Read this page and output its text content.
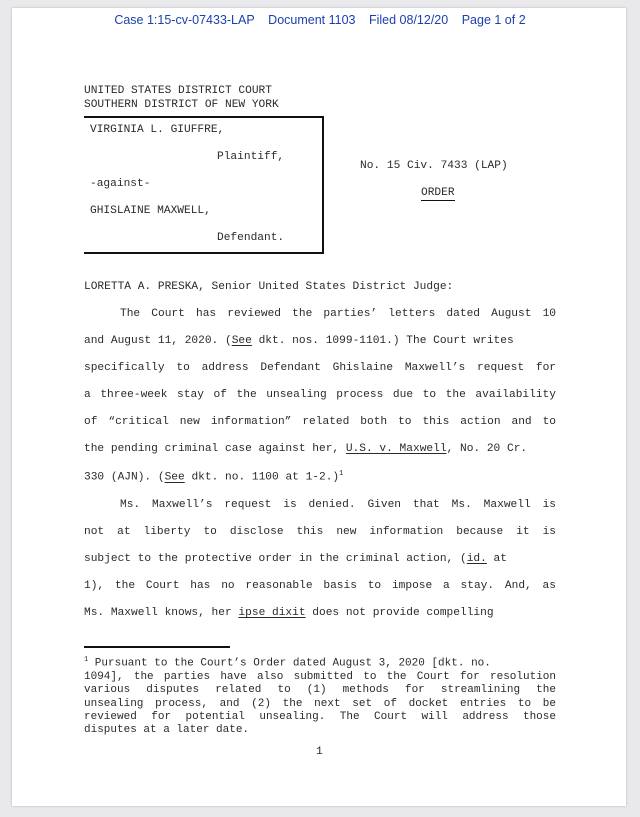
Case 1:15-cv-07433-LAP Document 1103 Filed 08/12/20 Page 1 of 2
UNITED STATES DISTRICT COURT
SOUTHERN DISTRICT OF NEW YORK
VIRGINIA L. GIUFFRE,
Plaintiff,
-against-
GHISLAINE MAXWELL,
Defendant.
No. 15 Civ. 7433 (LAP)
ORDER
LORETTA A. PRESKA, Senior United States District Judge:
The Court has reviewed the parties’ letters dated August 10
and August 11, 2020. (See dkt. nos. 1099-1101.) The Court writes
specifically to address Defendant Ghislaine Maxwell’s request for
a three-week stay of the unsealing process due to the availability
of “critical new information” related both to this action and to
the pending criminal case against her, U.S. v. Maxwell, No. 20 Cr.
330 (AJN). (See dkt. no. 1100 at 1-2.)$^1$
Ms. Maxwell’s request is denied. Given that Ms. Maxwell is
not at liberty to disclose this new information because it is
subject to the protective order in the criminal action, (id. at
1), the Court has no reasonable basis to impose a stay. And, as
Ms. Maxwell knows, her ipse dixit does not provide compelling
$^1$ Pursuant to the Court’s Order dated August 3, 2020 [dkt. no.
1094], the parties have also submitted to the Court for resolution
various disputes related to (1) methods for streamlining the
unsealing process, and (2) the next set of docket entries to be
reviewed for potential unsealing. The Court will address those
disputes at a later date.
1
